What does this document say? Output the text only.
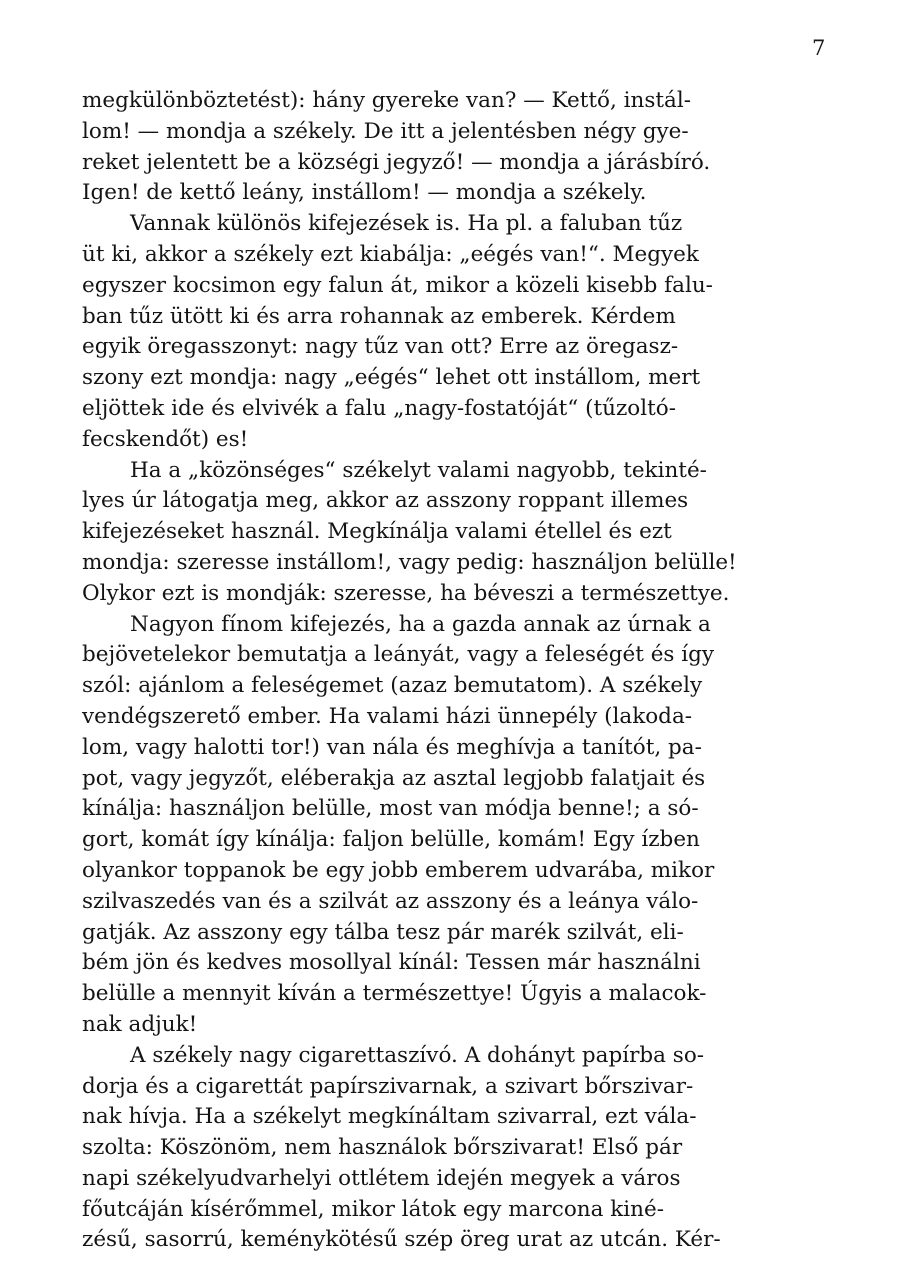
7
megkülönböztetést): hány gyereke van? — Kettő, instál-
lom! — mondja a székely. De itt a jelentésben négy gye-
reket jelentett be a községi jegyző! — mondja a járásbíró.
Igen! de kettő leány, instállom! — mondja a székely.
Vannak különös kifejezések is. Ha pl. a faluban tűz
üt ki, akkor a székely ezt kiabálja: „eégés van!“. Megyek
egyszer kocsimon egy falun át, mikor a közeli kisebb falu-
ban tűz ütött ki és arra rohannak az emberek. Kérdem
egyik öregasszonyt: nagy tűz van ott? Erre az öregasz-
szony ezt mondja: nagy „eégés“ lehet ott instállom, mert
eljöttek ide és elvivék a falu „nagy-fostatóját“ (tűzoltó-
fecskendőt) es!
Ha a „közönséges“ székelyt valami nagyobb, tekinté-
lyes úr látogatja meg, akkor az asszony roppant illemes
kifejezéseket használ. Megkínálja valami étellel és ezt
mondja: szeresse instállom!, vagy pedig: használjon belülle!
Olykor ezt is mondják: szeresse, ha béveszi a természettye.
Nagyon fínom kifejezés, ha a gazda annak az úrnak a
bejövetelekor bemutatja a leányát, vagy a feleségét és így
szól: ajánlom a feleségemet (azaz bemutatom). A székely
vendégszerető ember. Ha valami házi ünnepély (lakoda-
lom, vagy halotti tor!) van nála és meghívja a tanítót, pa-
pot, vagy jegyzőt, eléberakja az asztal legjobb falatjait és
kínálja: használjon belülle, most van módja benne!; a só-
gort, komát így kínálja: faljon belülle, komám! Egy ízben
olyankor toppanok be egy jobb emberem udvarába, mikor
szilvaszedés van és a szilvát az asszony és a leánya válo-
gatják. Az asszony egy tálba tesz pár marék szilvát, eli-
bém jön és kedves mosollyal kínál: Tessen már használni
belülle a mennyit kíván a természettye! Úgyis a malacok-
nak adjuk!
A székely nagy cigarettaszívó. A dohányt papírba so-
dorja és a cigarettát papírszivarnak, a szivart bőrszivar-
nak hívja. Ha a székelyt megkínáltam szivarral, ezt vála-
szolta: Köszönöm, nem használok bőrszivarat! Első pár
napi székelyudvarhelyi ottlétem idején megyek a város
főutcáján kísérőmmel, mikor látok egy marcona kiné-
zésű, sasorrú, keménykötésű szép öreg urat az utcán. Kér-
